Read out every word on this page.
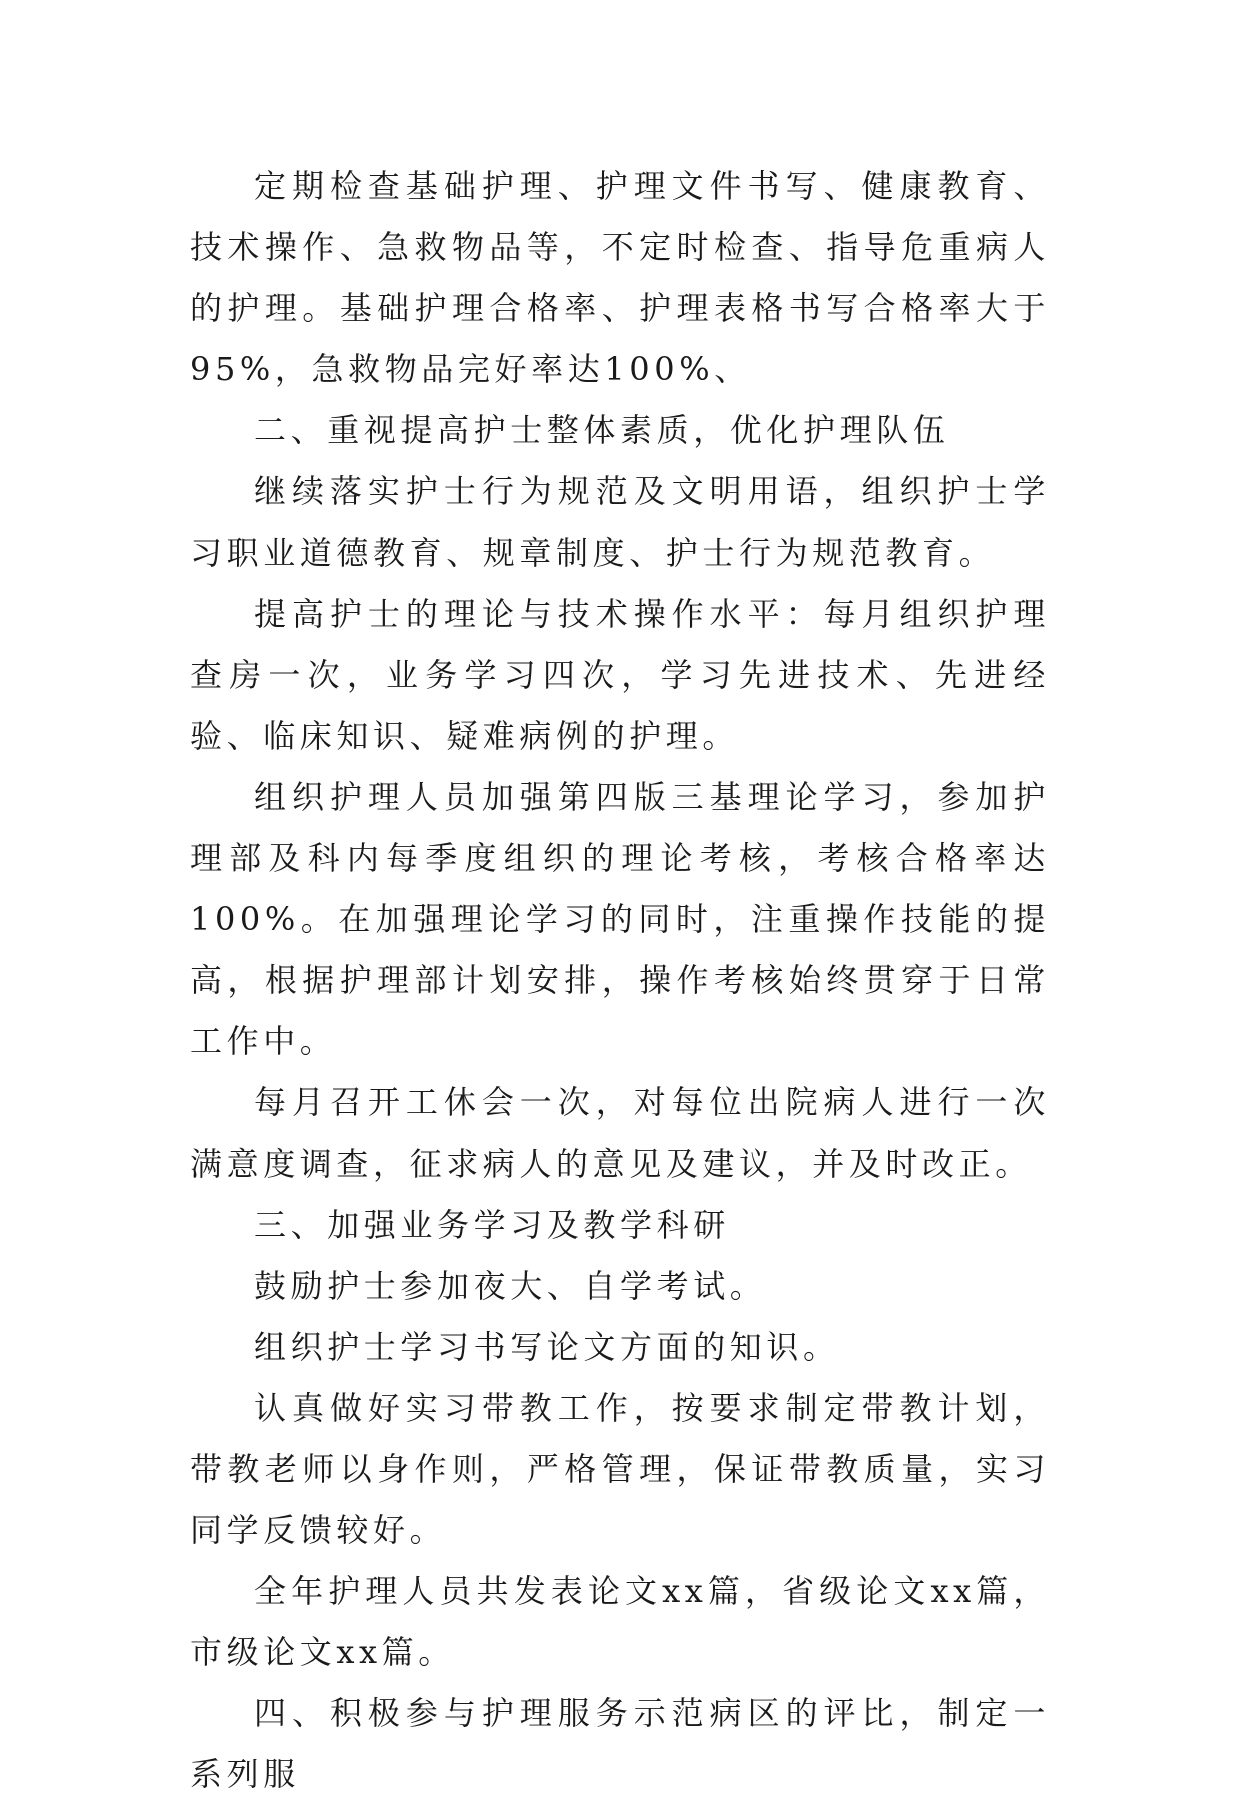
定期检查基础护理、护理文件书写、健康教育、技术操作、急救物品等，不定时检查、指导危重病人的护理。基础护理合格率、护理表格书写合格率大于95%，急救物品完好率达100%、

二、重视提高护士整体素质，优化护理队伍

继续落实护士行为规范及文明用语，组织护士学习职业道德教育、规章制度、护士行为规范教育。

提高护士的理论与技术操作水平：每月组织护理查房一次，业务学习四次，学习先进技术、先进经验、临床知识、疑难病例的护理。

组织护理人员加强第四版三基理论学习，参加护理部及科内每季度组织的理论考核，考核合格率达100%。在加强理论学习的同时，注重操作技能的提高，根据护理部计划安排，操作考核始终贯穿于日常工作中。

每月召开工休会一次，对每位出院病人进行一次满意度调查，征求病人的意见及建议，并及时改正。

三、加强业务学习及教学科研

鼓励护士参加夜大、自学考试。

组织护士学习书写论文方面的知识。

认真做好实习带教工作，按要求制定带教计划，带教老师以身作则，严格管理，保证带教质量，实习同学反馈较好。

全年护理人员共发表论文xx篇，省级论文xx篇，市级论文xx篇。

四、积极参与护理服务示范病区的评比，制定一系列服
